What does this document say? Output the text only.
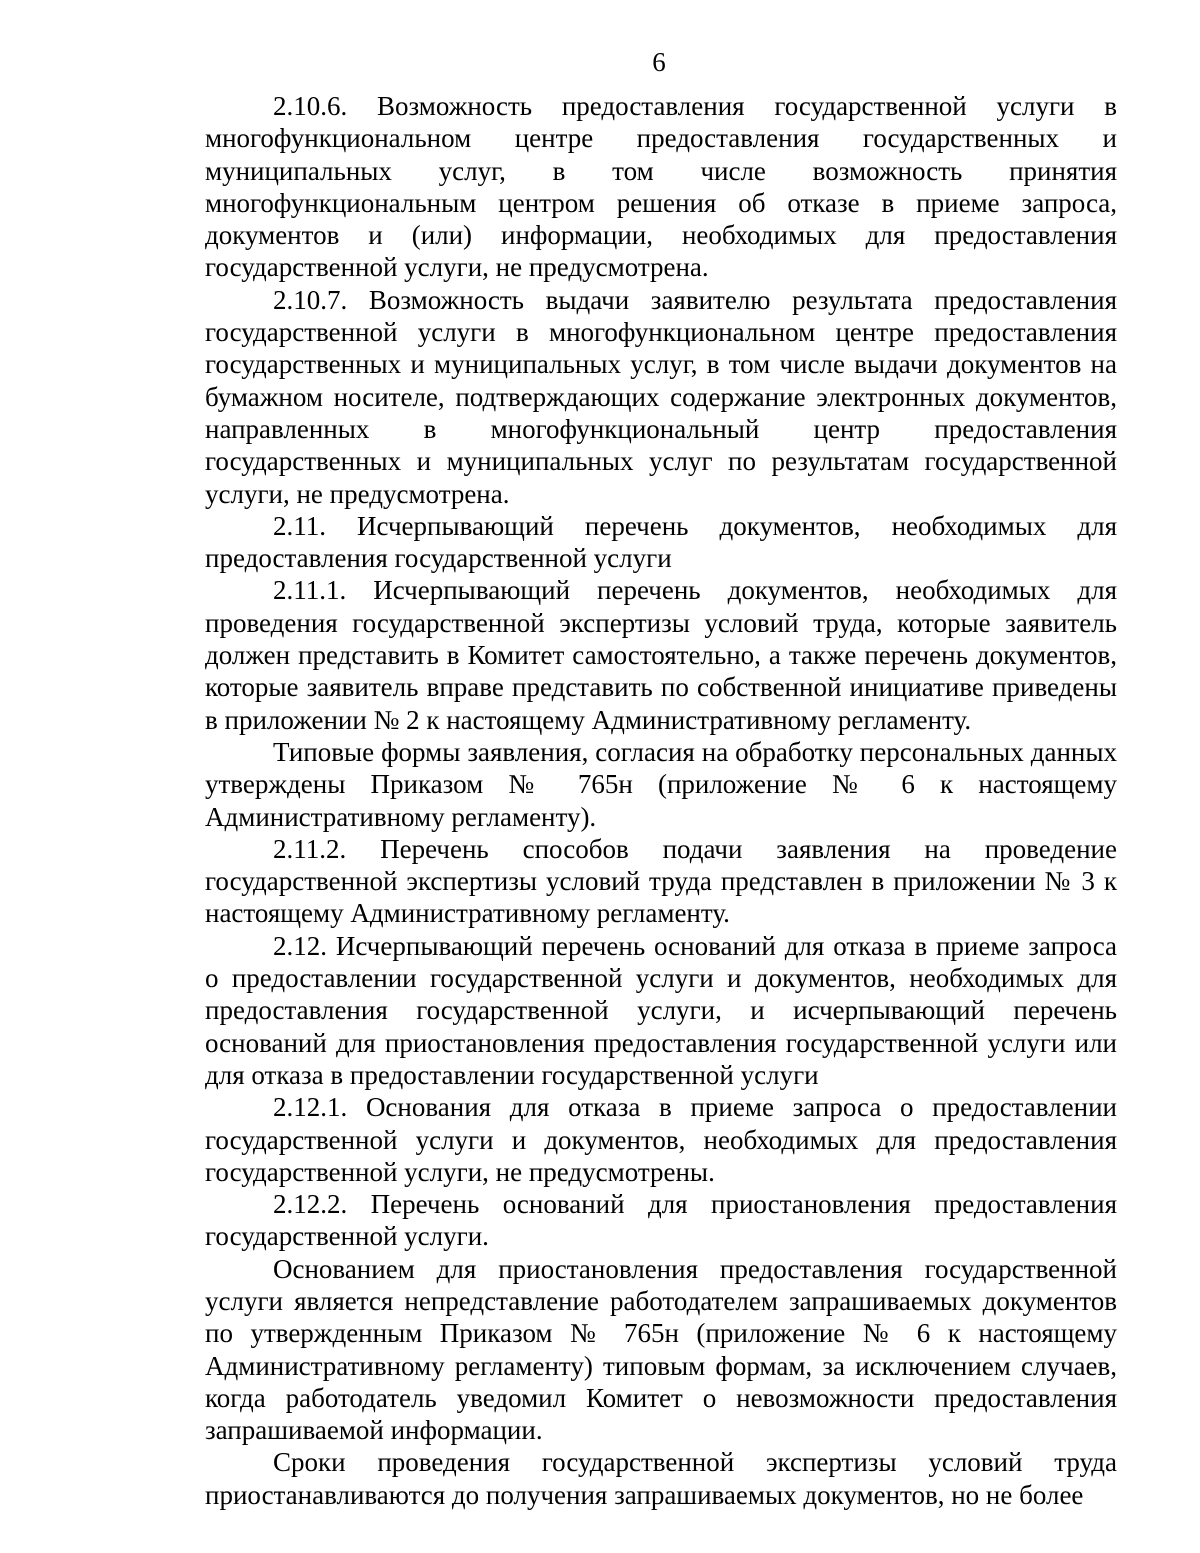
6

2.10.6. Возможность предоставления государственной услуги в многофункциональном центре предоставления государственных и муниципальных услуг, в том числе возможность принятия многофункциональным центром решения об отказе в приеме запроса, документов и (или) информации, необходимых для предоставления государственной услуги, не предусмотрена.

2.10.7. Возможность выдачи заявителю результата предоставления государственной услуги в многофункциональном центре предоставления государственных и муниципальных услуг, в том числе выдачи документов на бумажном носителе, подтверждающих содержание электронных документов, направленных в многофункциональный центр предоставления государственных и муниципальных услуг по результатам государственной услуги, не предусмотрена.

2.11. Исчерпывающий перечень документов, необходимых для предоставления государственной услуги

2.11.1. Исчерпывающий перечень документов, необходимых для проведения государственной экспертизы условий труда, которые заявитель должен представить в Комитет самостоятельно, а также перечень документов, которые заявитель вправе представить по собственной инициативе приведены в приложении № 2 к настоящему Административному регламенту.

Типовые формы заявления, согласия на обработку персональных данных утверждены Приказом № 765н (приложение № 6 к настоящему Административному регламенту).

2.11.2. Перечень способов подачи заявления на проведение государственной экспертизы условий труда представлен в приложении № 3 к настоящему Административному регламенту.

2.12. Исчерпывающий перечень оснований для отказа в приеме запроса о предоставлении государственной услуги и документов, необходимых для предоставления государственной услуги, и исчерпывающий перечень оснований для приостановления предоставления государственной услуги или для отказа в предоставлении государственной услуги

2.12.1. Основания для отказа в приеме запроса о предоставлении государственной услуги и документов, необходимых для предоставления государственной услуги, не предусмотрены.

2.12.2. Перечень оснований для приостановления предоставления государственной услуги.

Основанием для приостановления предоставления государственной услуги является непредставление работодателем запрашиваемых документов по утвержденным Приказом № 765н (приложение № 6 к настоящему Административному регламенту) типовым формам, за исключением случаев, когда работодатель уведомил Комитет о невозможности предоставления запрашиваемой информации.

Сроки проведения государственной экспертизы условий труда приостанавливаются до получения запрашиваемых документов, но не более
